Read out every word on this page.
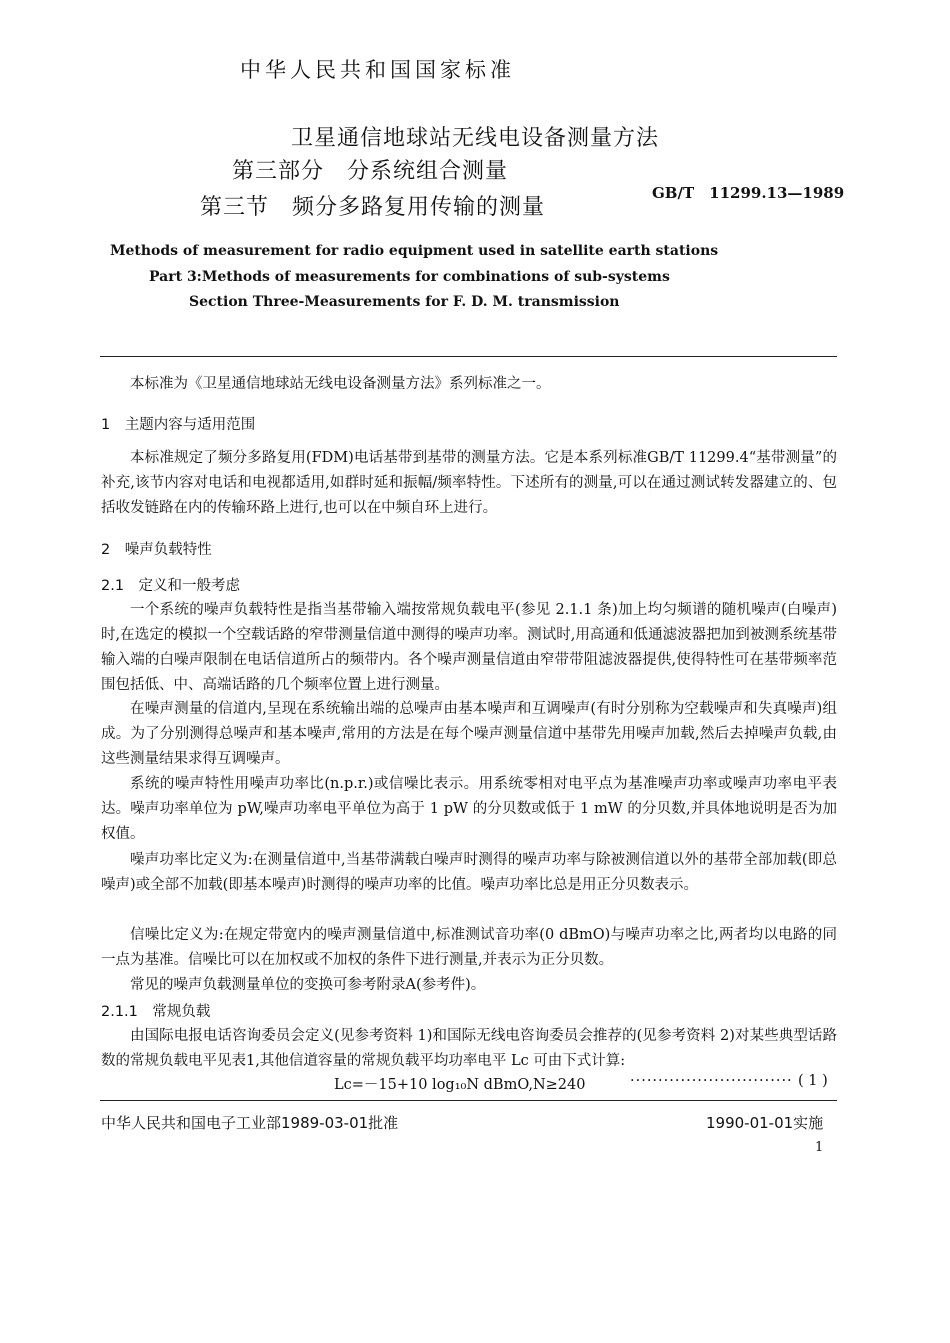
中华人民共和国国家标准
卫星通信地球站无线电设备测量方法
第三部分　分系统组合测量
第三节　频分多路复用传输的测量
GB/T　11299.13—1989
Methods of measurement for radio equipment used in satellite earth stations
Part 3:Methods of measurements for combinations of sub-systems
Section Three-Measurements for F. D. M. transmission
本标准为《卫星通信地球站无线电设备测量方法》系列标准之一。
1　主题内容与适用范围
本标准规定了频分多路复用(FDM)电话基带到基带的测量方法。它是本系列标准GB/T 11299.4“基带测量”的补充,该节内容对电话和电视都适用,如群时延和振幅/频率特性。下述所有的测量,可以在通过测试转发器建立的、包括收发链路在内的传输环路上进行,也可以在中频自环上进行。
2　噪声负载特性
2.1　定义和一般考虑
一个系统的噪声负载特性是指当基带输入端按常规负载电平(参见 2.1.1 条)加上均匀频谱的随机噪声(白噪声)时,在选定的模拟一个空载话路的窄带测量信道中测得的噪声功率。测试时,用高通和低通滤波器把加到被测系统基带输入端的白噪声限制在电话信道所占的频带内。各个噪声测量信道由窄带带阻滤波器提供,使得特性可在基带频率范围包括低、中、高端话路的几个频率位置上进行测量。
在噪声测量的信道内,呈现在系统输出端的总噪声由基本噪声和互调噪声(有时分别称为空载噪声和失真噪声)组成。为了分别测得总噪声和基本噪声,常用的方法是在每个噪声测量信道中基带先用噪声加载,然后去掉噪声负载,由这些测量结果求得互调噪声。
系统的噪声特性用噪声功率比(n.p.r.)或信噪比表示。用系统零相对电平点为基准噪声功率或噪声功率电平表达。噪声功率单位为 pW,噪声功率电平单位为高于 1 pW 的分贝数或低于 1 mW 的分贝数,并具体地说明是否为加权值。
噪声功率比定义为:在测量信道中,当基带满载白噪声时测得的噪声功率与除被测信道以外的基带全部加载(即总噪声)或全部不加载(即基本噪声)时测得的噪声功率的比值。噪声功率比总是用正分贝数表示。
信噪比定义为:在规定带宽内的噪声测量信道中,标准测试音功率(0 dBmO)与噪声功率之比,两者均以电路的同一点为基准。信噪比可以在加权或不加权的条件下进行测量,并表示为正分贝数。
常见的噪声负载测量单位的变换可参考附录A(参考件)。
2.1.1　常规负载
由国际电报电话咨询委员会定义(见参考资料 1)和国际无线电咨询委员会推荐的(见参考资料 2)对某些典型话路数的常规负载电平见表1,其他信道容量的常规负载平均功率电平 Lc 可由下式计算:
Lc=－15+10 log₁₀N dBmO,N≥240	····························· ( 1 )
中华人民共和国电子工业部1989-03-01批准	1990-01-01实施
1
